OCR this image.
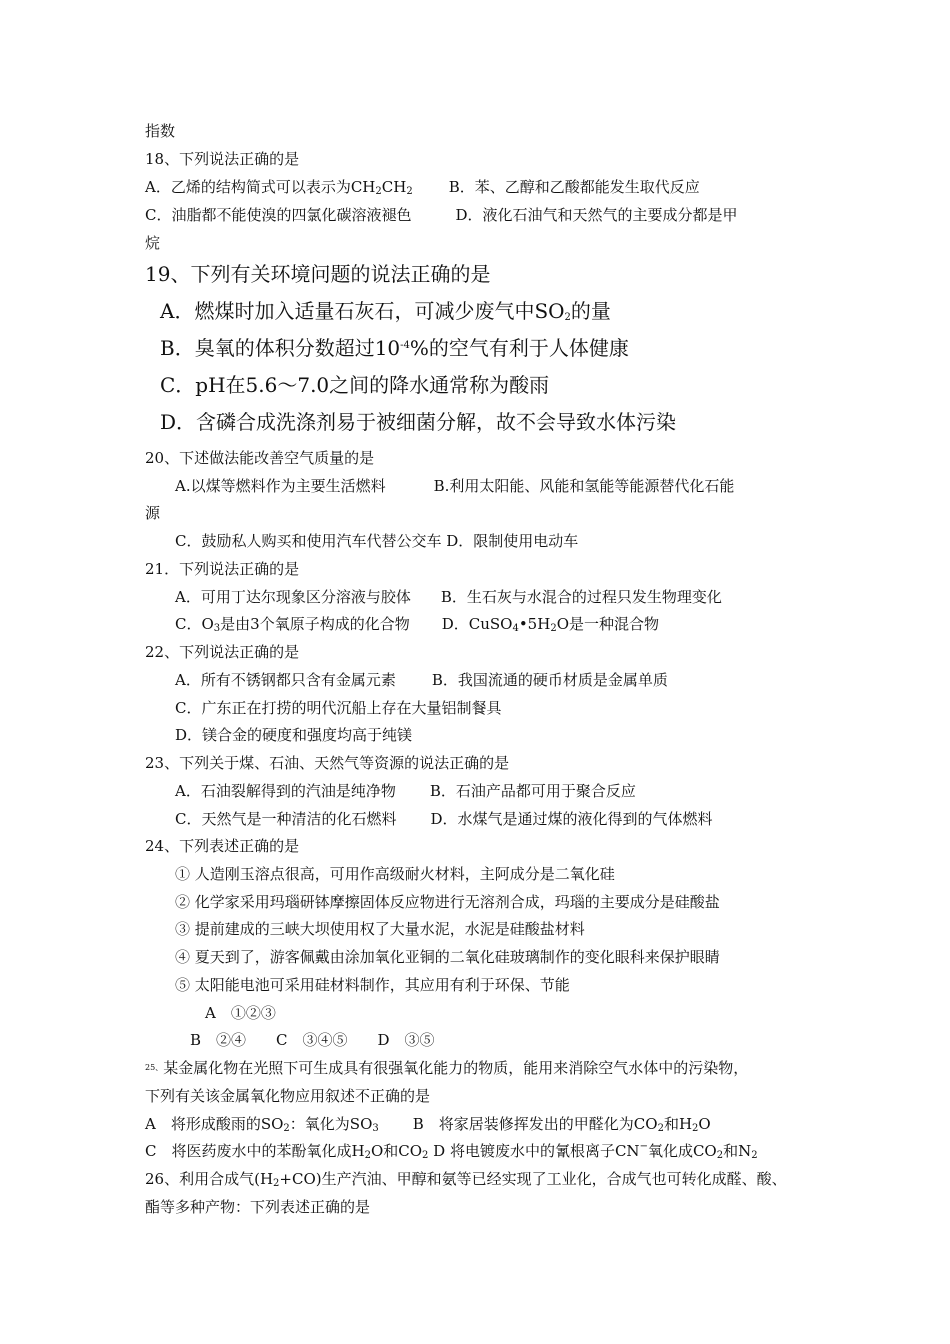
指数
18、下列说法正确的是
A．乙烯的结构简式可以表示为$CH_2CH_2$ B．苯、乙醇和乙酸都能发生取代反应
C．油脂都不能使溴的四氯化碳溶液褪色	D．液化石油气和天然气的主要成分都是甲
烷
19、下列有关环境问题的说法正确的是
A．燃煤时加入适量石灰石，可减少废气中$SO_2$的量
B．臭氧的体积分数超过$10^{-4}\%$的空气有利于人体健康
C．pH在5.6～7.0之间的降水通常称为酸雨
D．含磷合成洗涤剂易于被细菌分解，故不会导致水体污染
20、下述做法能改善空气质量的是
A.以煤等燃料作为主要生活燃料	B.利用太阳能、风能和氢能等能源替代化石能
源
C．鼓励私人购买和使用汽车代替公交车 D．限制使用电动车
21．下列说法正确的是
A．可用丁达尔现象区分溶液与胶体 B．生石灰与水混合的过程只发生物理变化
C．$O_3$是由3个氧原子构成的化合物 D．$CuSO_4•5H_2O$是一种混合物
22、下列说法正确的是
A．所有不锈钢都只含有金属元素 B．我国流通的硬币材质是金属单质
C．广东正在打捞的明代沉船上存在大量铝制餐具
D．镁合金的硬度和强度均高于纯镁
23、下列关于煤、石油、天然气等资源的说法正确的是
A．石油裂解得到的汽油是纯净物 B．石油产品都可用于聚合反应
C．天然气是一种清洁的化石燃料 D．水煤气是通过煤的液化得到的气体燃料
24、下列表述正确的是
① 人造刚玉溶点很高，可用作高级耐火材料，主阿成分是二氧化硅
② 化学家采用玛瑙研钵摩擦固体反应物进行无溶剂合成，玛瑙的主要成分是硅酸盐
③ 提前建成的三峡大坝使用权了大量水泥，水泥是硅酸盐材料
④ 夏天到了，游客佩戴由涂加氧化亚铜的二氧化硅玻璃制作的变化眼科来保护眼睛
⑤ 太阳能电池可采用硅材料制作，其应用有利于环保、节能
A　①②③
B　②④　　C　③④⑤　　D　③⑤
$^{25、}$某金属化物在光照下可生成具有很强氧化能力的物质，能用来消除空气水体中的污染物，
下列有关该金属氧化物应用叙述不正确的是
A　将形成酸雨的$SO_2$：氧化为$SO_3$ B　将家居装修挥发出的甲醛化为$CO_2$和$H_2O$
C　将医药废水中的苯酚氧化成$H_2O$和$CO_2$ D 将电镀废水中的氰根离子CN−氧化成$CO_2$和$N_2$
26、利用合成气$(H_2+CO)$生产汽油、甲醇和氨等已经实现了工业化，合成气也可转化成醛、酸、
酯等多种产物：下列表述正确的是
